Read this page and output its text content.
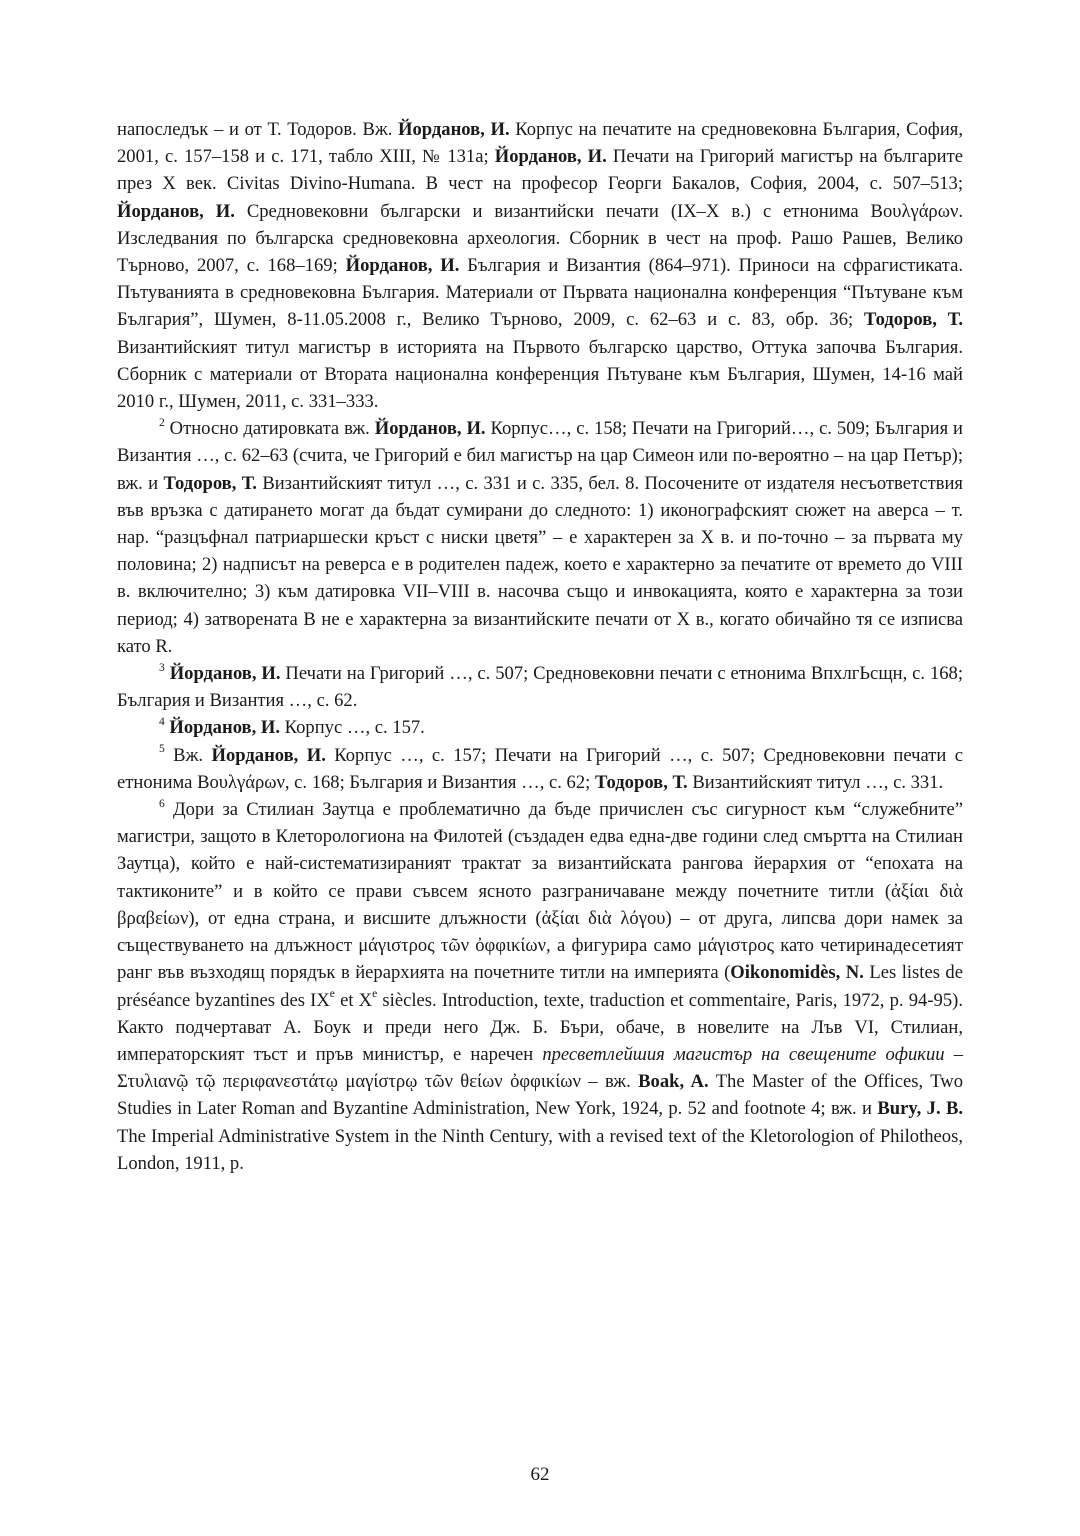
напоследък – и от Т. Тодоров. Вж. Йорданов, И. Корпус на печатите на средновековна България, София, 2001, с. 157–158 и с. 171, табло XIII, № 131а; Йорданов, И. Печати на Григорий магистър на българите през X век. Civitas Divino-Humana. В чест на професор Георги Бакалов, София, 2004, с. 507–513; Йорданов, И. Средновековни бългaрски и византийски печати (IX–X в.) с етнонима Βουλγάρων. Изследвания по българска средновековна археология. Сборник в чест на проф. Рашо Рашев, Велико Търново, 2007, с. 168–169; Йорданов, И. България и Византия (864–971). Приноси на сфрагистиката. Пътуванията в средновековна България. Материали от Първата национална конференция “Пътуване към България”, Шумен, 8-11.05.2008 г., Велико Търново, 2009, с. 62–63 и с. 83, обр. 36; Тодоров, Т. Византийският титул магистър в историята на Първото българско царство, Оттука започва България. Сборник с материали от Втората национална конференция Пътуване към България, Шумен, 14-16 май 2010 г., Шумен, 2011, с. 331–333.

$^2$ Относно датировката вж. Йорданов, И. Корпус…, с. 158; Печати на Григорий…, с. 509; България и Византия …, с. 62–63 (счита, че Григорий е бил магистър на цар Симеон или по-вероятно – на цар Петър); вж. и Тодоров, Т. Византийският титул …, с. 331 и с. 335, бел. 8. Посочените от издателя несъответствия във връзка с датирането могат да бъдат сумирани до следното: 1) иконографският сюжет на аверса – т. нар. “разцъфнал патриаршески кръст с ниски цветя” – е характерен за X в. и по-точно – за първата му половина; 2) надписът на реверса е в родителен падеж, което е характерно за печатите от времето до VIII в. включително; 3) към датировка VII–VIII в. насочва също и инвокацията, която е характерна за този период; 4) затворената B не е характерна за византийските печати от X в., когато обичайно тя се изписва като R.

$^3$ Йорданов, И. Печати на Григорий …, с. 507; Средновековни печати с етнонима ВпхлгЬсщн, с. 168; България и Византия …, с. 62.

$^4$ Йорданов, И. Корпус …, с. 157.

$^5$ Вж. Йорданов, И. Корпус …, с. 157; Печати на Григорий …, с. 507; Средновековни печати с етнонима Βουλγάρων, с. 168; България и Византия …, с. 62; Тодоров, Т. Византийският титул …, с. 331.

$^6$ Дори за Стилиан Заутца е проблематично да бъде причислен със сигурност към “служебните” магистри, защото в Клеторологиона на Филотей (създаден едва една-две години след смъртта на Стилиан Заутца), който е най-систематизираният трактат за византийската рангова йерархия от “епохата на тактиконите” и в който се прави съвсем ясното разграничаване между почетните титли (ἀξίαι διὰ βραβείων), от една страна, и висшите длъжности (ἀξίαι διὰ λόγου) – от друга, липсва дори намек за съществуването на длъжност μάγιστρος τῶν ὀφφικίων, а фигурира само μάγιστρος като четиринадесетият ранг във възходящ порядък в йерархията на почетните титли на империята (Oikonomidès, N. Les listes de préséance byzantines des IXe et Xe siècles. Introduction, texte, traduction et commentaire, Paris, 1972, p. 94-95). Както подчертават А. Боук и преди него Дж. Б. Бъри, обаче, в новелите на Лъв VI, Стилиан, императорският тъст и пръв министър, е наречен пресветлейшия магистър на свещените офикии – Στυλιανῷ τῷ περιφανεστάτῳ μαγίστρῳ τῶν θείων ὀφφικίων – вж. Boak, A. The Master of the Offices, Two Studies in Later Roman and Byzantine Administration, New York, 1924, p. 52 and footnote 4; вж. и Bury, J. B. The Imperial Administrative System in the Ninth Century, with a revised text of the Kletorologion of Philotheos, London, 1911, p.

62
